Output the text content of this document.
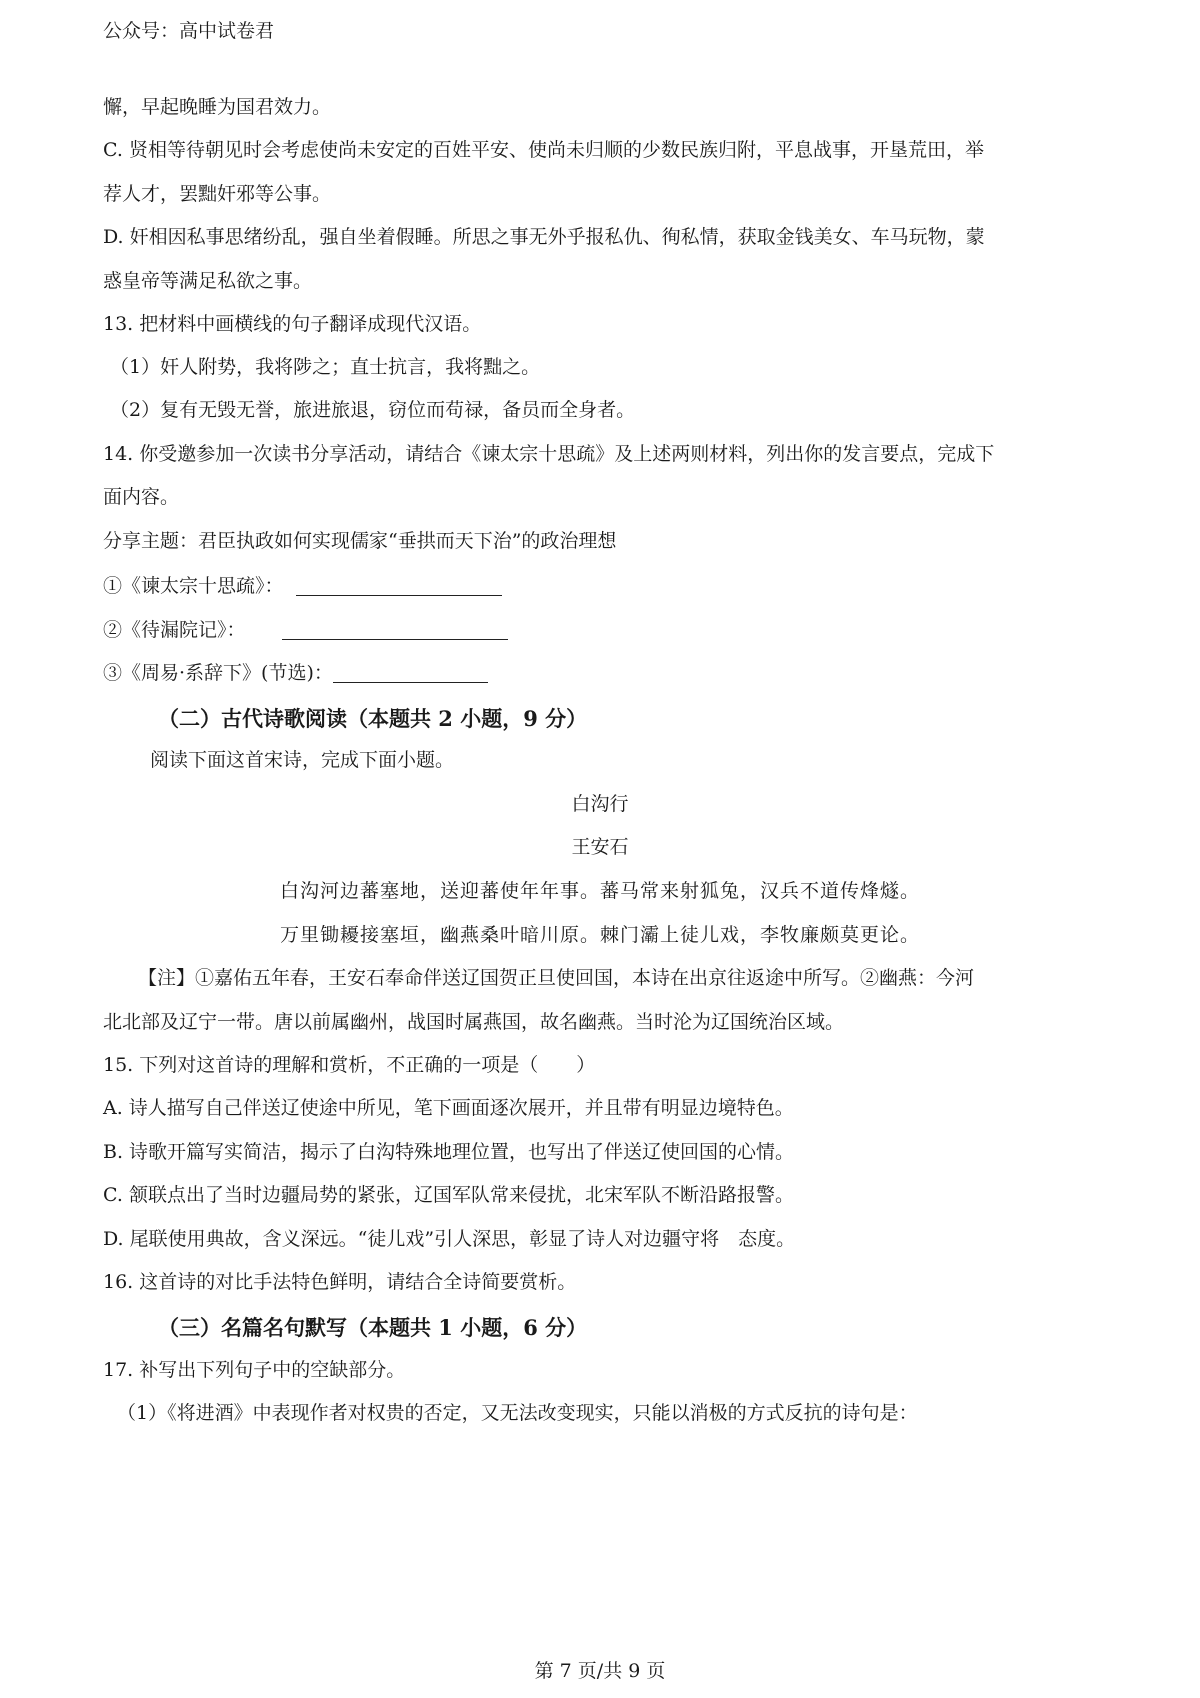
公众号：高中试卷君
懈，早起晚睡为国君效力。
C. 贤相等待朝见时会考虑使尚未安定的百姓平安、使尚未归顺的少数民族归附，平息战事，开垦荒田，举
荐人才，罢黜奸邪等公事。
D. 奸相因私事思绪纷乱，强自坐着假睡。所思之事无外乎报私仇、徇私情，获取金钱美女、车马玩物，蒙
惑皇帝等满足私欲之事。
13. 把材料中画横线的句子翻译成现代汉语。
（1）奸人附势，我将陟之；直士抗言，我将黜之。
（2）复有无毁无誉，旅进旅退，窃位而苟禄，备员而全身者。
14. 你受邀参加一次读书分享活动，请结合《谏太宗十思疏》及上述两则材料，列出你的发言要点，完成下
面内容。
分享主题：君臣执政如何实现儒家“垂拱而天下治”的政治理想
①《谏太宗十思疏》：
②《待漏院记》：
③《周易·系辞下》(节选)：
（二）古代诗歌阅读（本题共 2 小题，9 分）
阅读下面这首宋诗，完成下面小题。
白沟行
王安石
白沟河边蕃塞地，送迎蕃使年年事。蕃马常来射狐兔，汉兵不道传烽燧。
万里锄耰接塞垣，幽燕桑叶暗川原。棘门灞上徒儿戏，李牧廉颇莫更论。
【注】①嘉佑五年春，王安石奉命伴送辽国贺正旦使回国，本诗在出京往返途中所写。②幽燕：今河
北北部及辽宁一带。唐以前属幽州，战国时属燕国，故名幽燕。当时沦为辽国统治区域。
15. 下列对这首诗的理解和赏析，不正确的一项是（　　）
A. 诗人描写自己伴送辽使途中所见，笔下画面逐次展开，并且带有明显边境特色。
B. 诗歌开篇写实简洁，揭示了白沟特殊地理位置，也写出了伴送辽使回国的心情。
C. 颔联点出了当时边疆局势的紧张，辽国军队常来侵扰，北宋军队不断沿路报警。
D. 尾联使用典故，含义深远。“徒儿戏”引人深思，彰显了诗人对边疆守将　态度。
16. 这首诗的对比手法特色鲜明，请结合全诗简要赏析。
（三）名篇名句默写（本题共 1 小题，6 分）
17. 补写出下列句子中的空缺部分。
（1）《将进酒》中表现作者对权贵的否定，又无法改变现实，只能以消极的方式反抗的诗句是：
第 7 页/共 9 页
